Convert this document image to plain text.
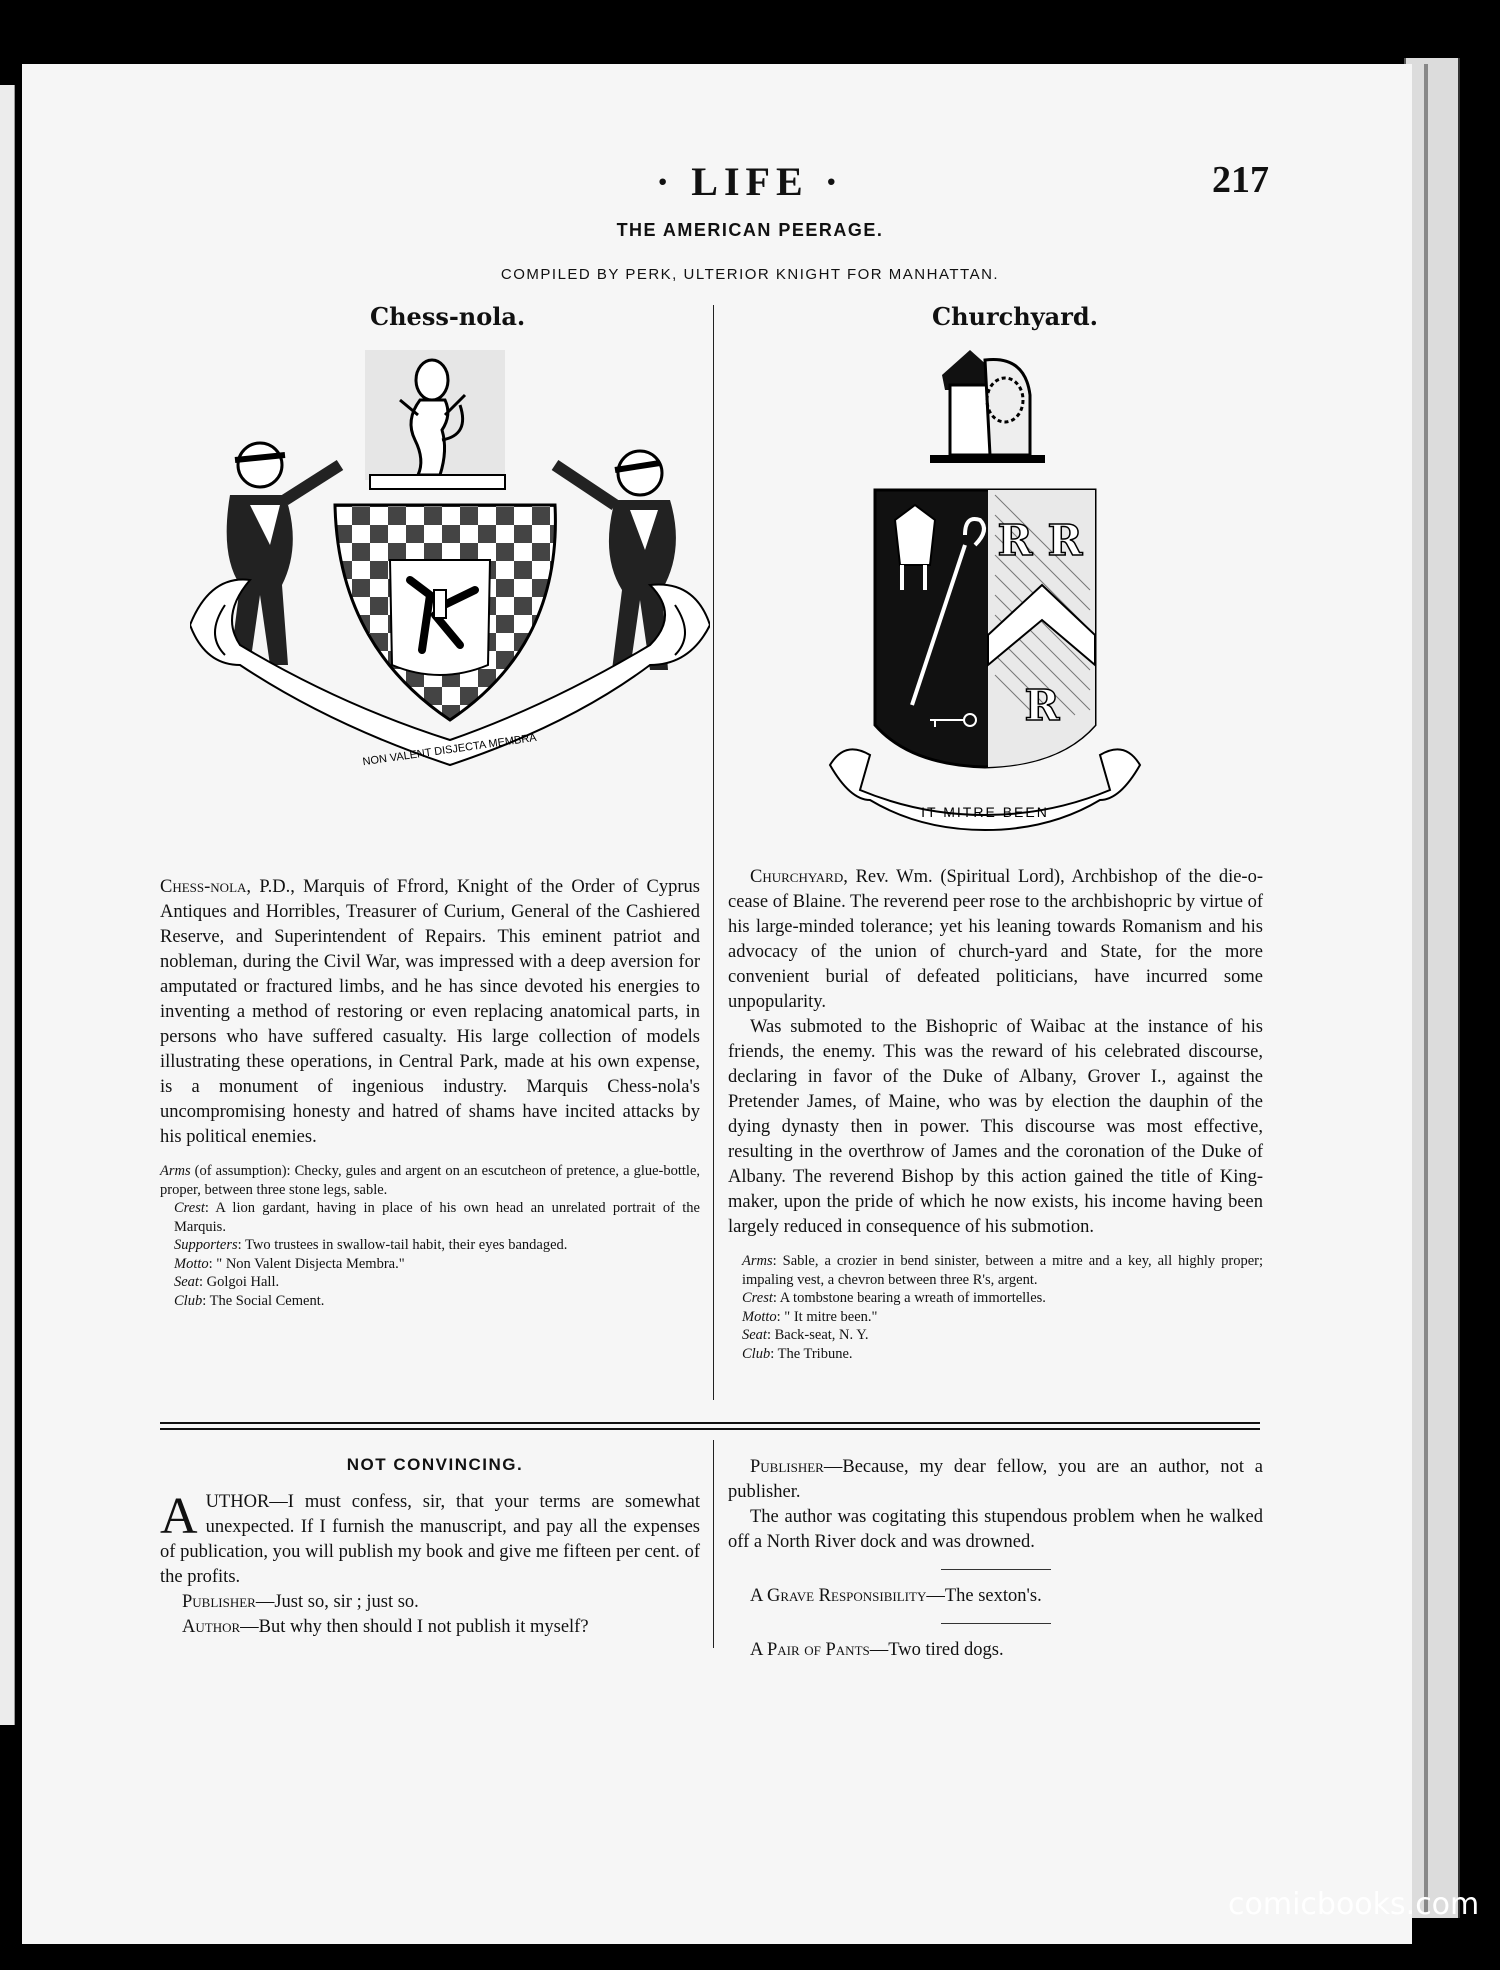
· LIFE ·	217
THE AMERICAN PEERAGE.
COMPILED BY PERK, ULTERIOR KNIGHT FOR MANHATTAN.
Chess-nola.	Churchyard.
NON VALENT DISJECTA MEMBRA
R R
R
IT MITRE BEEN

Chess-nola, P.D., Marquis of Ffrord, Knight of the Order of Cyprus Antiques and Horribles, Treasurer of Curium, General of the Cashiered Reserve, and Superintendent of Repairs. This eminent patriot and nobleman, during the Civil War, was impressed with a deep aversion for amputated or fractured limbs, and he has since devoted his energies to inventing a method of restoring or even replacing anatomical parts, in persons who have suffered casualty. His large collection of models illustrating these operations, in Central Park, made at his own expense, is a monument of ingenious industry. Marquis Chess-nola's uncompromising honesty and hatred of shams have incited attacks by his political enemies.

Arms (of assumption): Checky, gules and argent on an escutcheon of pretence, a glue-bottle, proper, between three stone legs, sable.

Crest: A lion gardant, having in place of his own head an unrelated portrait of the Marquis.

Supporters: Two trustees in swallow-tail habit, their eyes bandaged.

Motto: " Non Valent Disjecta Membra."

Seat: Golgoi Hall.

Club: The Social Cement.

Churchyard, Rev. Wm. (Spiritual Lord), Archbishop of the die-o-cease of Blaine. The reverend peer rose to the archbishopric by virtue of his large-minded tolerance; yet his leaning towards Romanism and his advocacy of the union of church-yard and State, for the more convenient burial of defeated politicians, have incurred some unpopularity.

Was submoted to the Bishopric of Waibac at the instance of his friends, the enemy. This was the reward of his celebrated discourse, declaring in favor of the Duke of Albany, Grover I., against the Pretender James, of Maine, who was by election the dauphin of the dying dynasty then in power. This discourse was most effective, resulting in the overthrow of James and the coronation of the Duke of Albany. The reverend Bishop by this action gained the title of King-maker, upon the pride of which he now exists, his income having been largely reduced in consequence of his submotion.

Arms: Sable, a crozier in bend sinister, between a mitre and a key, all highly proper; impaling vest, a chevron between three R's, argent.

Crest: A tombstone bearing a wreath of immortelles.

Motto: " It mitre been."

Seat: Back-seat, N. Y.

Club: The Tribune.

NOT CONVINCING.

AUTHOR—I must confess, sir, that your terms are somewhat unexpected. If I furnish the manuscript, and pay all the expenses of publication, you will publish my book and give me fifteen per cent. of the profits.

Publisher—Just so, sir ; just so.

Author—But why then should I not publish it myself?

Publisher—Because, my dear fellow, you are an author, not a publisher.

The author was cogitating this stupendous problem when he walked off a North River dock and was drowned.

A Grave Responsibility—The sexton's.

A Pair of Pants—Two tired dogs.

comicbooks.com
